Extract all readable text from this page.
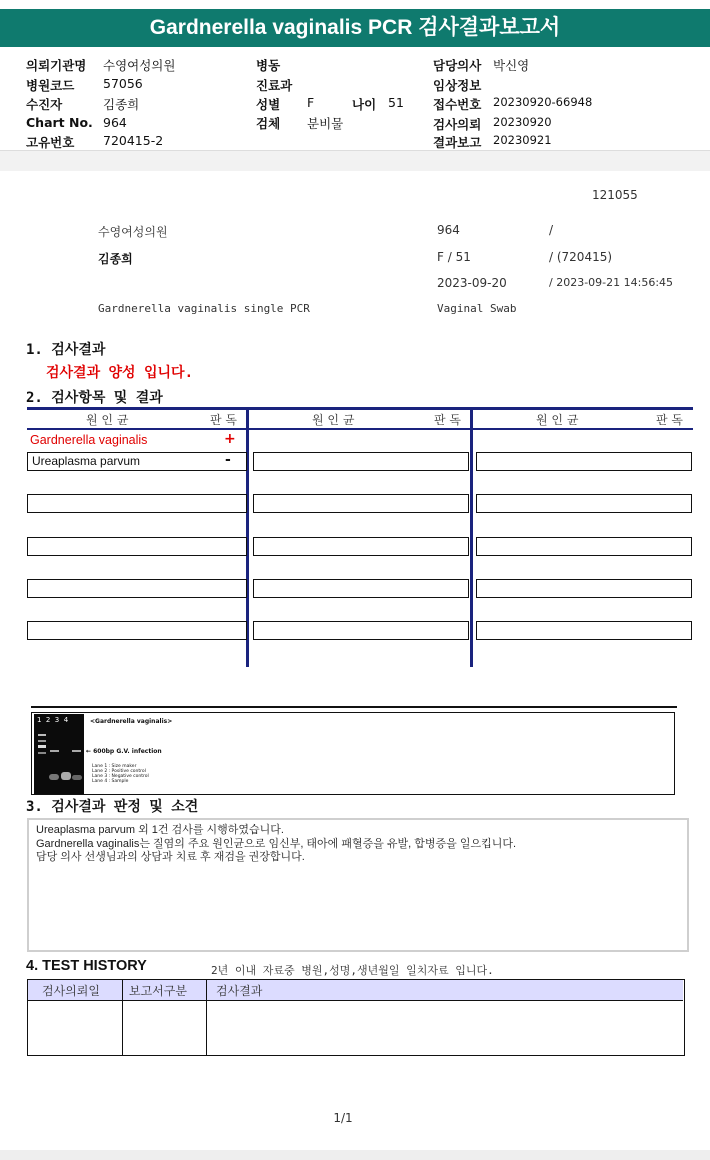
Gardnerella vaginalis PCR 검사결과보고서
의뢰기관명 수영여성의원
병원코드 57056
수진자	김종희
Chart No. 964
고유번호 720415-2
병동
진료과
성별 F	나이 51
검체 분비물
담당의사 박신영
임상정보
접수번호 20230920-66948
검사의뢰 20230920
결과보고 20230921
121055
수영여성의원	964	/
김종희	F / 51	/ (720415)
2023-09-20	/ 2023-09-21 14:56:45
Gardnerella vaginalis single PCR	Vaginal Swab
1. 검사결과
검사결과 양성 입니다.
2. 검사항목 및 결과
원 인 균	판 독	원 인 균	판 독	원 인 균	판 독
Gardnerella vaginalis	+
Ureaplasma parvum	-
1  2  3  4	<Gardnerella vaginalis>
← 600bp G.V. infection
Lane 1 : Size maker
Lane 2 : Positive control
Lane 3 : Negative control
Lane 4 : Sample
3. 검사결과 판정 및 소견
Ureaplasma parvum 외 1건 검사를 시행하였습니다.
Gardnerella vaginalis는 질염의 주요 원인균으로 임신부, 태아에 패혈증을 유발, 합병증을 일으킵니다.
담당 의사 선생님과의 상담과 치료 후 재검을 권장합니다.
4. TEST HISTORY	2년 이내 자료중 병원,성명,생년월일 일치자료 입니다.
검사의뢰일 보고서구분 검사결과
1/1
